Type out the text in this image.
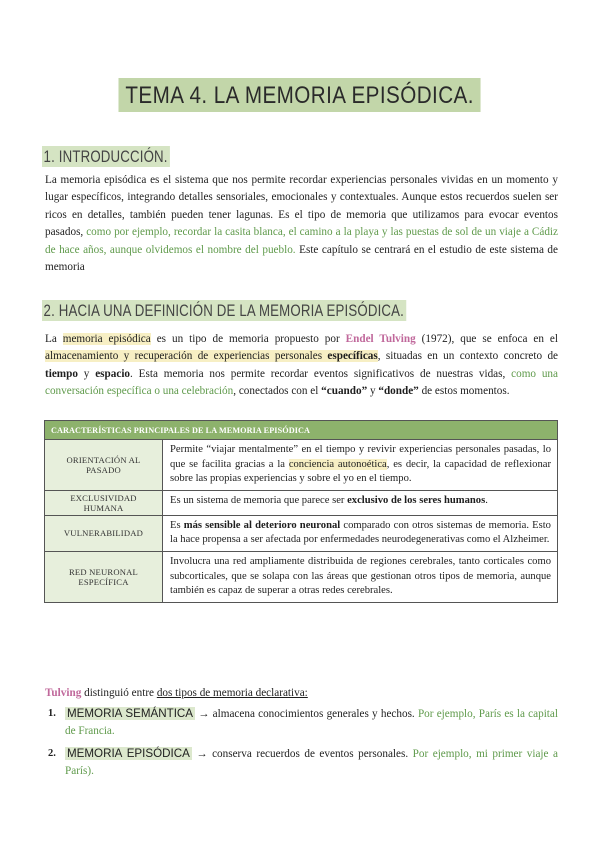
TEMA 4. LA MEMORIA EPISÓDICA.
1. INTRODUCCIÓN.
La memoria episódica es el sistema que nos permite recordar experiencias personales vividas en un momento y lugar específicos, integrando detalles sensoriales, emocionales y contextuales. Aunque estos recuerdos suelen ser ricos en detalles, también pueden tener lagunas. Es el tipo de memoria que utilizamos para evocar eventos pasados, como por ejemplo, recordar la casita blanca, el camino a la playa y las puestas de sol de un viaje a Cádiz de hace años, aunque olvidemos el nombre del pueblo. Este capítulo se centrará en el estudio de este sistema de memoria
2. HACIA UNA DEFINICIÓN DE LA MEMORIA EPISÓDICA.
La memoria episódica es un tipo de memoria propuesto por Endel Tulving (1972), que se enfoca en el almacenamiento y recuperación de experiencias personales específicas, situadas en un contexto concreto de tiempo y espacio. Esta memoria nos permite recordar eventos significativos de nuestras vidas, como una conversación específica o una celebración, conectados con el “cuando” y “donde” de estos momentos.
CARACTERÍSTICAS PRINCIPALES DE LA MEMORIA EPISÓDICA	
ORIENTACIÓN AL PASADO	Permite “viajar mentalmente” en el tiempo y revivir experiencias personales pasadas, lo que se facilita gracias a la conciencia autonoética, es decir, la capacidad de reflexionar sobre las propias experiencias y sobre el yo en el tiempo.
EXCLUSIVIDAD HUMANA	Es un sistema de memoria que parece ser exclusivo de los seres humanos.
VULNERABILIDAD	Es más sensible al deterioro neuronal comparado con otros sistemas de memoria. Esto la hace propensa a ser afectada por enfermedades neurodegenerativas como el Alzheimer.
RED NEURONAL ESPECÍFICA	Involucra una red ampliamente distribuida de regiones cerebrales, tanto corticales como subcorticales, que se solapa con las áreas que gestionan otros tipos de memoria, aunque también es capaz de superar a otras redes cerebrales.
Tulving distinguió entre dos tipos de memoria declarativa:
1. MEMORIA SEMÁNTICA → almacena conocimientos generales y hechos. Por ejemplo, París es la capital de Francia.
2. MEMORIA EPISÓDICA → conserva recuerdos de eventos personales. Por ejemplo, mi primer viaje a París).
